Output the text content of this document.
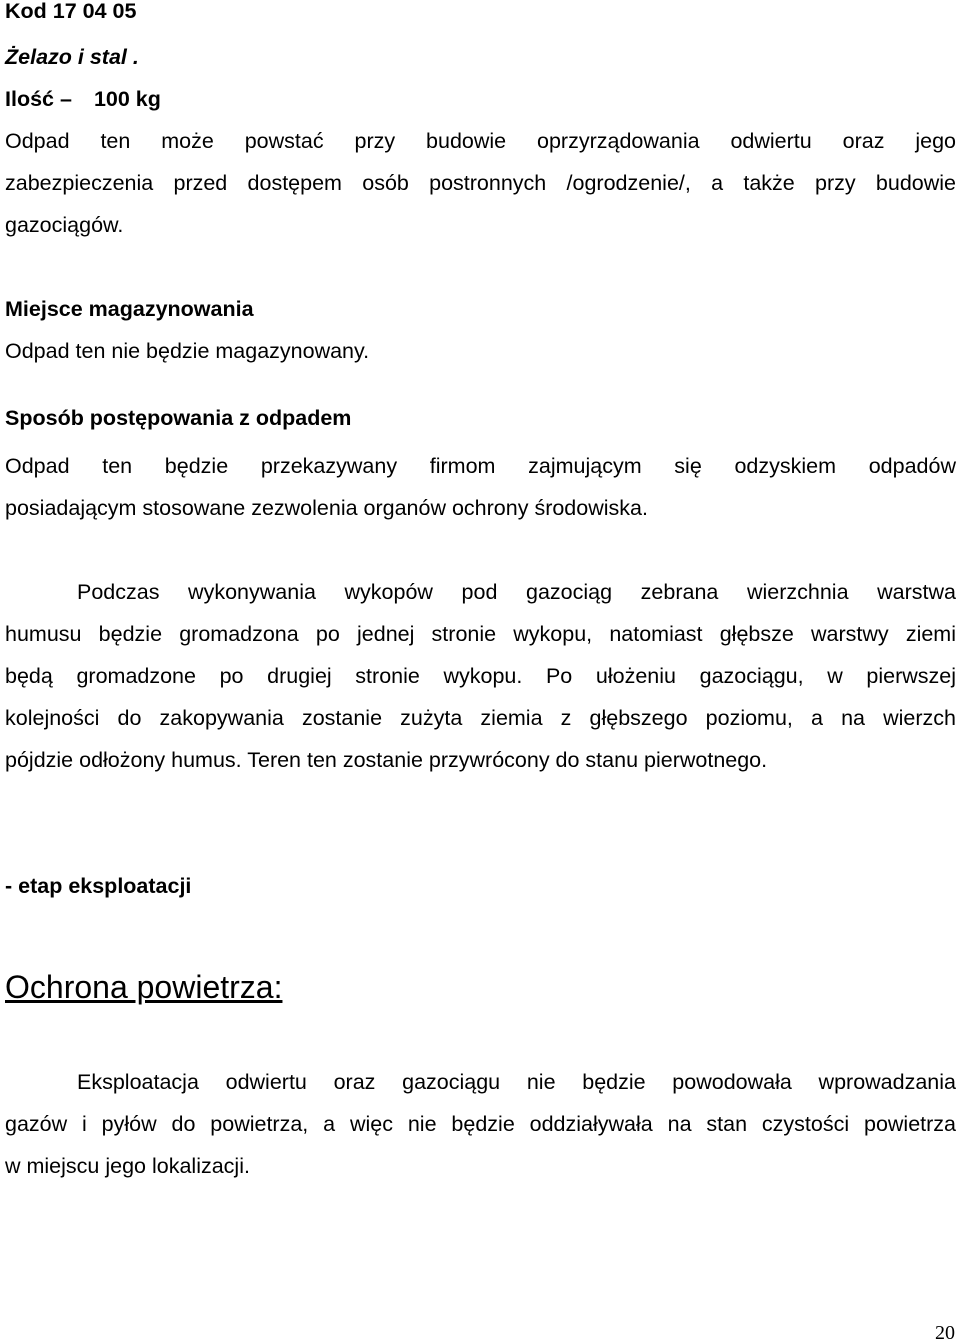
Kod 17 04 05

Żelazo i stal .

Ilość – 100 kg

Odpad ten może powstać przy budowie oprzyrządowania odwiertu oraz jego

zabezpieczenia przed dostępem osób postronnych /ogrodzenie/, a także przy budowie

gazociągów.

Miejsce magazynowania

Odpad ten nie będzie magazynowany.

Sposób postępowania z odpadem

Odpad ten będzie przekazywany firmom zajmującym się odzyskiem odpadów

posiadającym stosowane zezwolenia organów ochrony środowiska.

Podczas wykonywania wykopów pod gazociąg zebrana wierzchnia warstwa

humusu będzie gromadzona po jednej stronie wykopu, natomiast głębsze warstwy ziemi

będą gromadzone po drugiej stronie wykopu. Po ułożeniu gazociągu, w pierwszej

kolejności do zakopywania zostanie zużyta ziemia z głębszego poziomu, a na wierzch

pójdzie odłożony humus. Teren ten zostanie przywrócony do stanu pierwotnego.

- etap eksploatacji

Ochrona powietrza:

Eksploatacja odwiertu oraz gazociągu nie będzie powodowała wprowadzania

gazów i pyłów do powietrza, a więc nie będzie oddziaływała na stan czystości powietrza

w miejscu jego lokalizacji.

20
